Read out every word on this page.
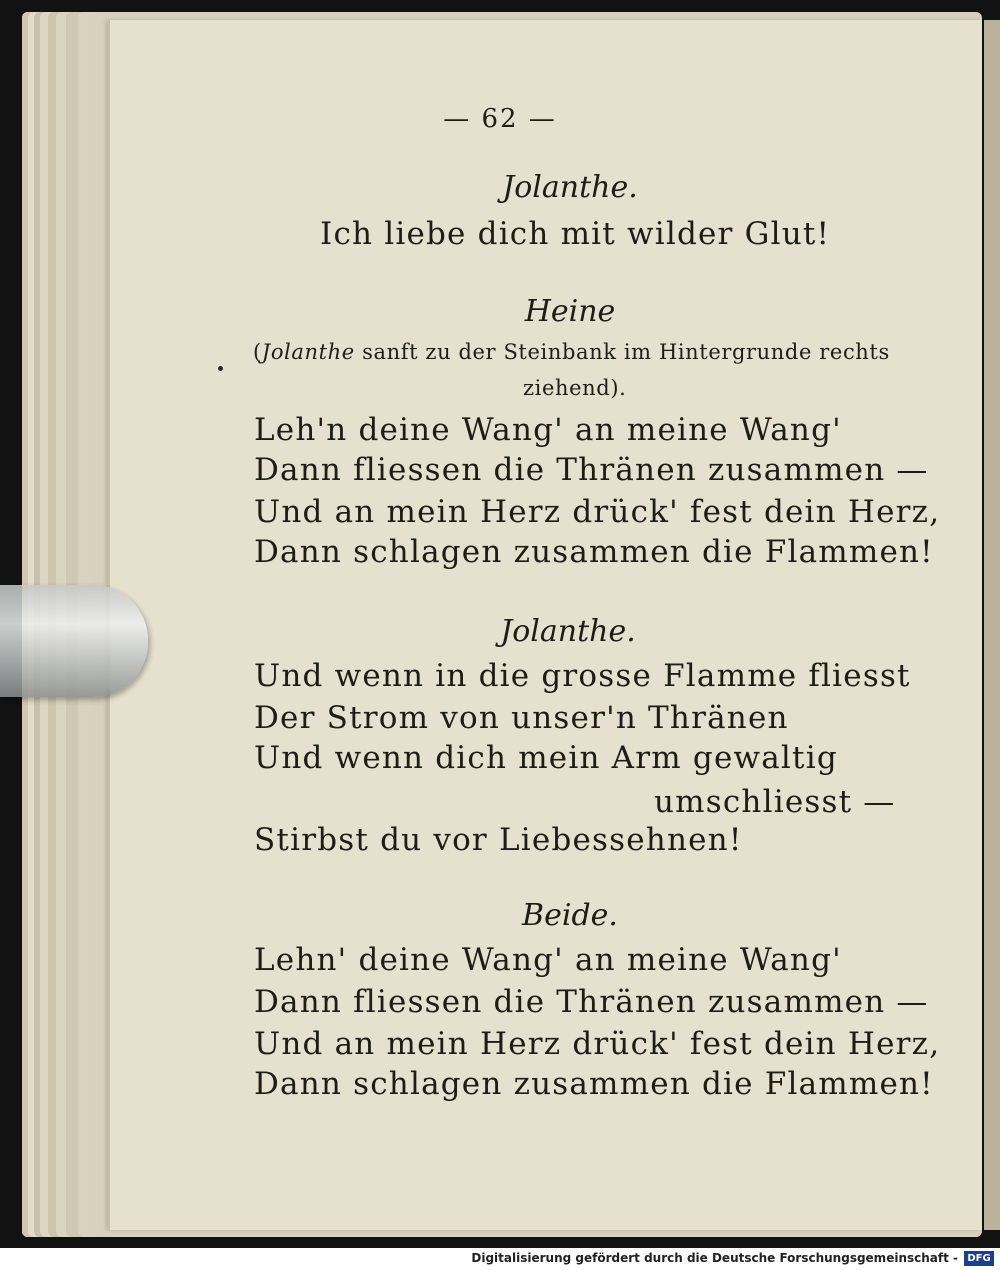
— 62 —
Jolanthe.
Ich liebe dich mit wilder Glut!
Heine
(Jolanthe sanft zu der Steinbank im Hintergrunde rechts
ziehend).
Leh'n deine Wang' an meine Wang'
Dann fliessen die Thränen zusammen —
Und an mein Herz drück' fest dein Herz,
Dann schlagen zusammen die Flammen!
Jolanthe.
Und wenn in die grosse Flamme fliesst
Der Strom von unser'n Thränen
Und wenn dich mein Arm gewaltig
umschliesst —
Stirbst du vor Liebessehnen!
Beide.
Lehn' deine Wang' an meine Wang'
Dann fliessen die Thränen zusammen —
Und an mein Herz drück' fest dein Herz,
Dann schlagen zusammen die Flammen!
Digitalisierung gefördert durch die Deutsche Forschungsgemeinschaft - DFG
